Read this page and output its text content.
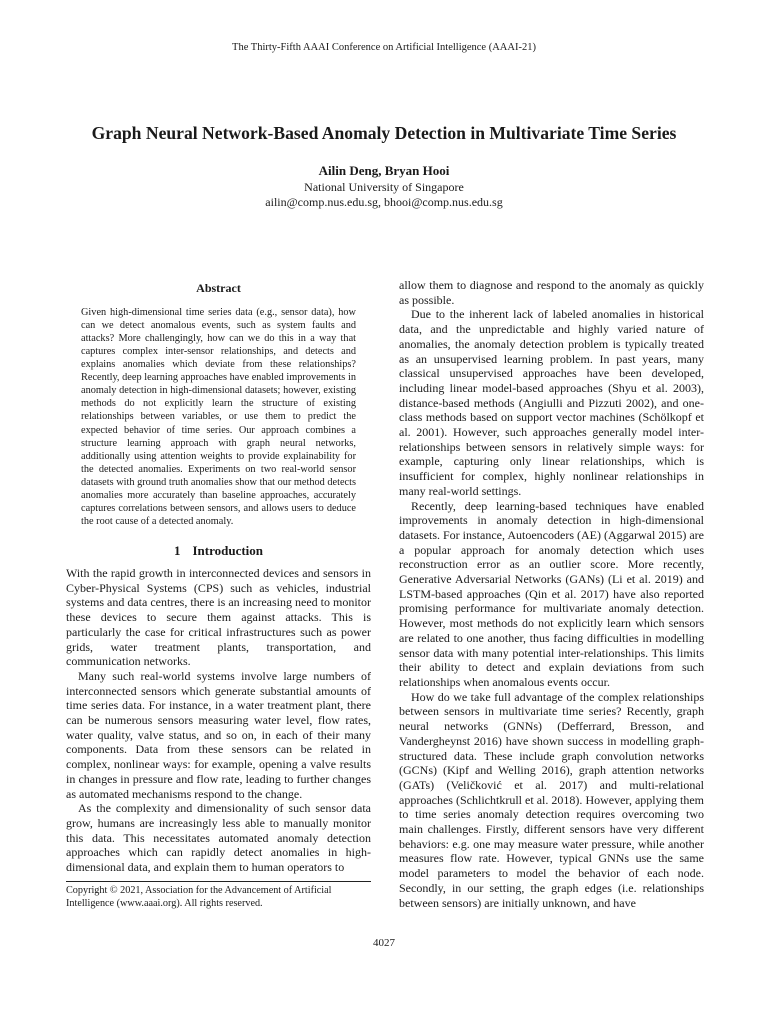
The Thirty-Fifth AAAI Conference on Artificial Intelligence (AAAI-21)
Graph Neural Network-Based Anomaly Detection in Multivariate Time Series
Ailin Deng, Bryan Hooi
National University of Singapore
ailin@comp.nus.edu.sg, bhooi@comp.nus.edu.sg
Abstract
Given high-dimensional time series data (e.g., sensor data), how can we detect anomalous events, such as system faults and attacks? More challengingly, how can we do this in a way that captures complex inter-sensor relationships, and detects and explains anomalies which deviate from these relationships? Recently, deep learning approaches have enabled improvements in anomaly detection in high-dimensional datasets; however, existing methods do not explicitly learn the structure of existing relationships between variables, or use them to predict the expected behavior of time series. Our approach combines a structure learning approach with graph neural networks, additionally using attention weights to provide explainability for the detected anomalies. Experiments on two real-world sensor datasets with ground truth anomalies show that our method detects anomalies more accurately than baseline approaches, accurately captures correlations between sensors, and allows users to deduce the root cause of a detected anomaly.
1 Introduction

With the rapid growth in interconnected devices and sensors in Cyber-Physical Systems (CPS) such as vehicles, industrial systems and data centres, there is an increasing need to monitor these devices to secure them against attacks. This is particularly the case for critical infrastructures such as power grids, water treatment plants, transportation, and communication networks.

Many such real-world systems involve large numbers of interconnected sensors which generate substantial amounts of time series data. For instance, in a water treatment plant, there can be numerous sensors measuring water level, flow rates, water quality, valve status, and so on, in each of their many components. Data from these sensors can be related in complex, nonlinear ways: for example, opening a valve results in changes in pressure and flow rate, leading to further changes as automated mechanisms respond to the change.

As the complexity and dimensionality of such sensor data grow, humans are increasingly less able to manually monitor this data. This necessitates automated anomaly detection approaches which can rapidly detect anomalies in high-dimensional data, and explain them to human operators to

allow them to diagnose and respond to the anomaly as quickly as possible.

Due to the inherent lack of labeled anomalies in historical data, and the unpredictable and highly varied nature of anomalies, the anomaly detection problem is typically treated as an unsupervised learning problem. In past years, many classical unsupervised approaches have been developed, including linear model-based approaches (Shyu et al. 2003), distance-based methods (Angiulli and Pizzuti 2002), and one-class methods based on support vector machines (Schölkopf et al. 2001). However, such approaches generally model inter-relationships between sensors in relatively simple ways: for example, capturing only linear relationships, which is insufficient for complex, highly nonlinear relationships in many real-world settings.

Recently, deep learning-based techniques have enabled improvements in anomaly detection in high-dimensional datasets. For instance, Autoencoders (AE) (Aggarwal 2015) are a popular approach for anomaly detection which uses reconstruction error as an outlier score. More recently, Generative Adversarial Networks (GANs) (Li et al. 2019) and LSTM-based approaches (Qin et al. 2017) have also reported promising performance for multivariate anomaly detection. However, most methods do not explicitly learn which sensors are related to one another, thus facing difficulties in modelling sensor data with many potential inter-relationships. This limits their ability to detect and explain deviations from such relationships when anomalous events occur.

How do we take full advantage of the complex relationships between sensors in multivariate time series? Recently, graph neural networks (GNNs) (Defferrard, Bresson, and Vandergheynst 2016) have shown success in modelling graph-structured data. These include graph convolution networks (GCNs) (Kipf and Welling 2016), graph attention networks (GATs) (Veličković et al. 2017) and multi-relational approaches (Schlichtkrull et al. 2018). However, applying them to time series anomaly detection requires overcoming two main challenges. Firstly, different sensors have very different behaviors: e.g. one may measure water pressure, while another measures flow rate. However, typical GNNs use the same model parameters to model the behavior of each node. Secondly, in our setting, the graph edges (i.e. relationships between sensors) are initially unknown, and have

Copyright © 2021, Association for the Advancement of Artificial Intelligence (www.aaai.org). All rights reserved.
4027
